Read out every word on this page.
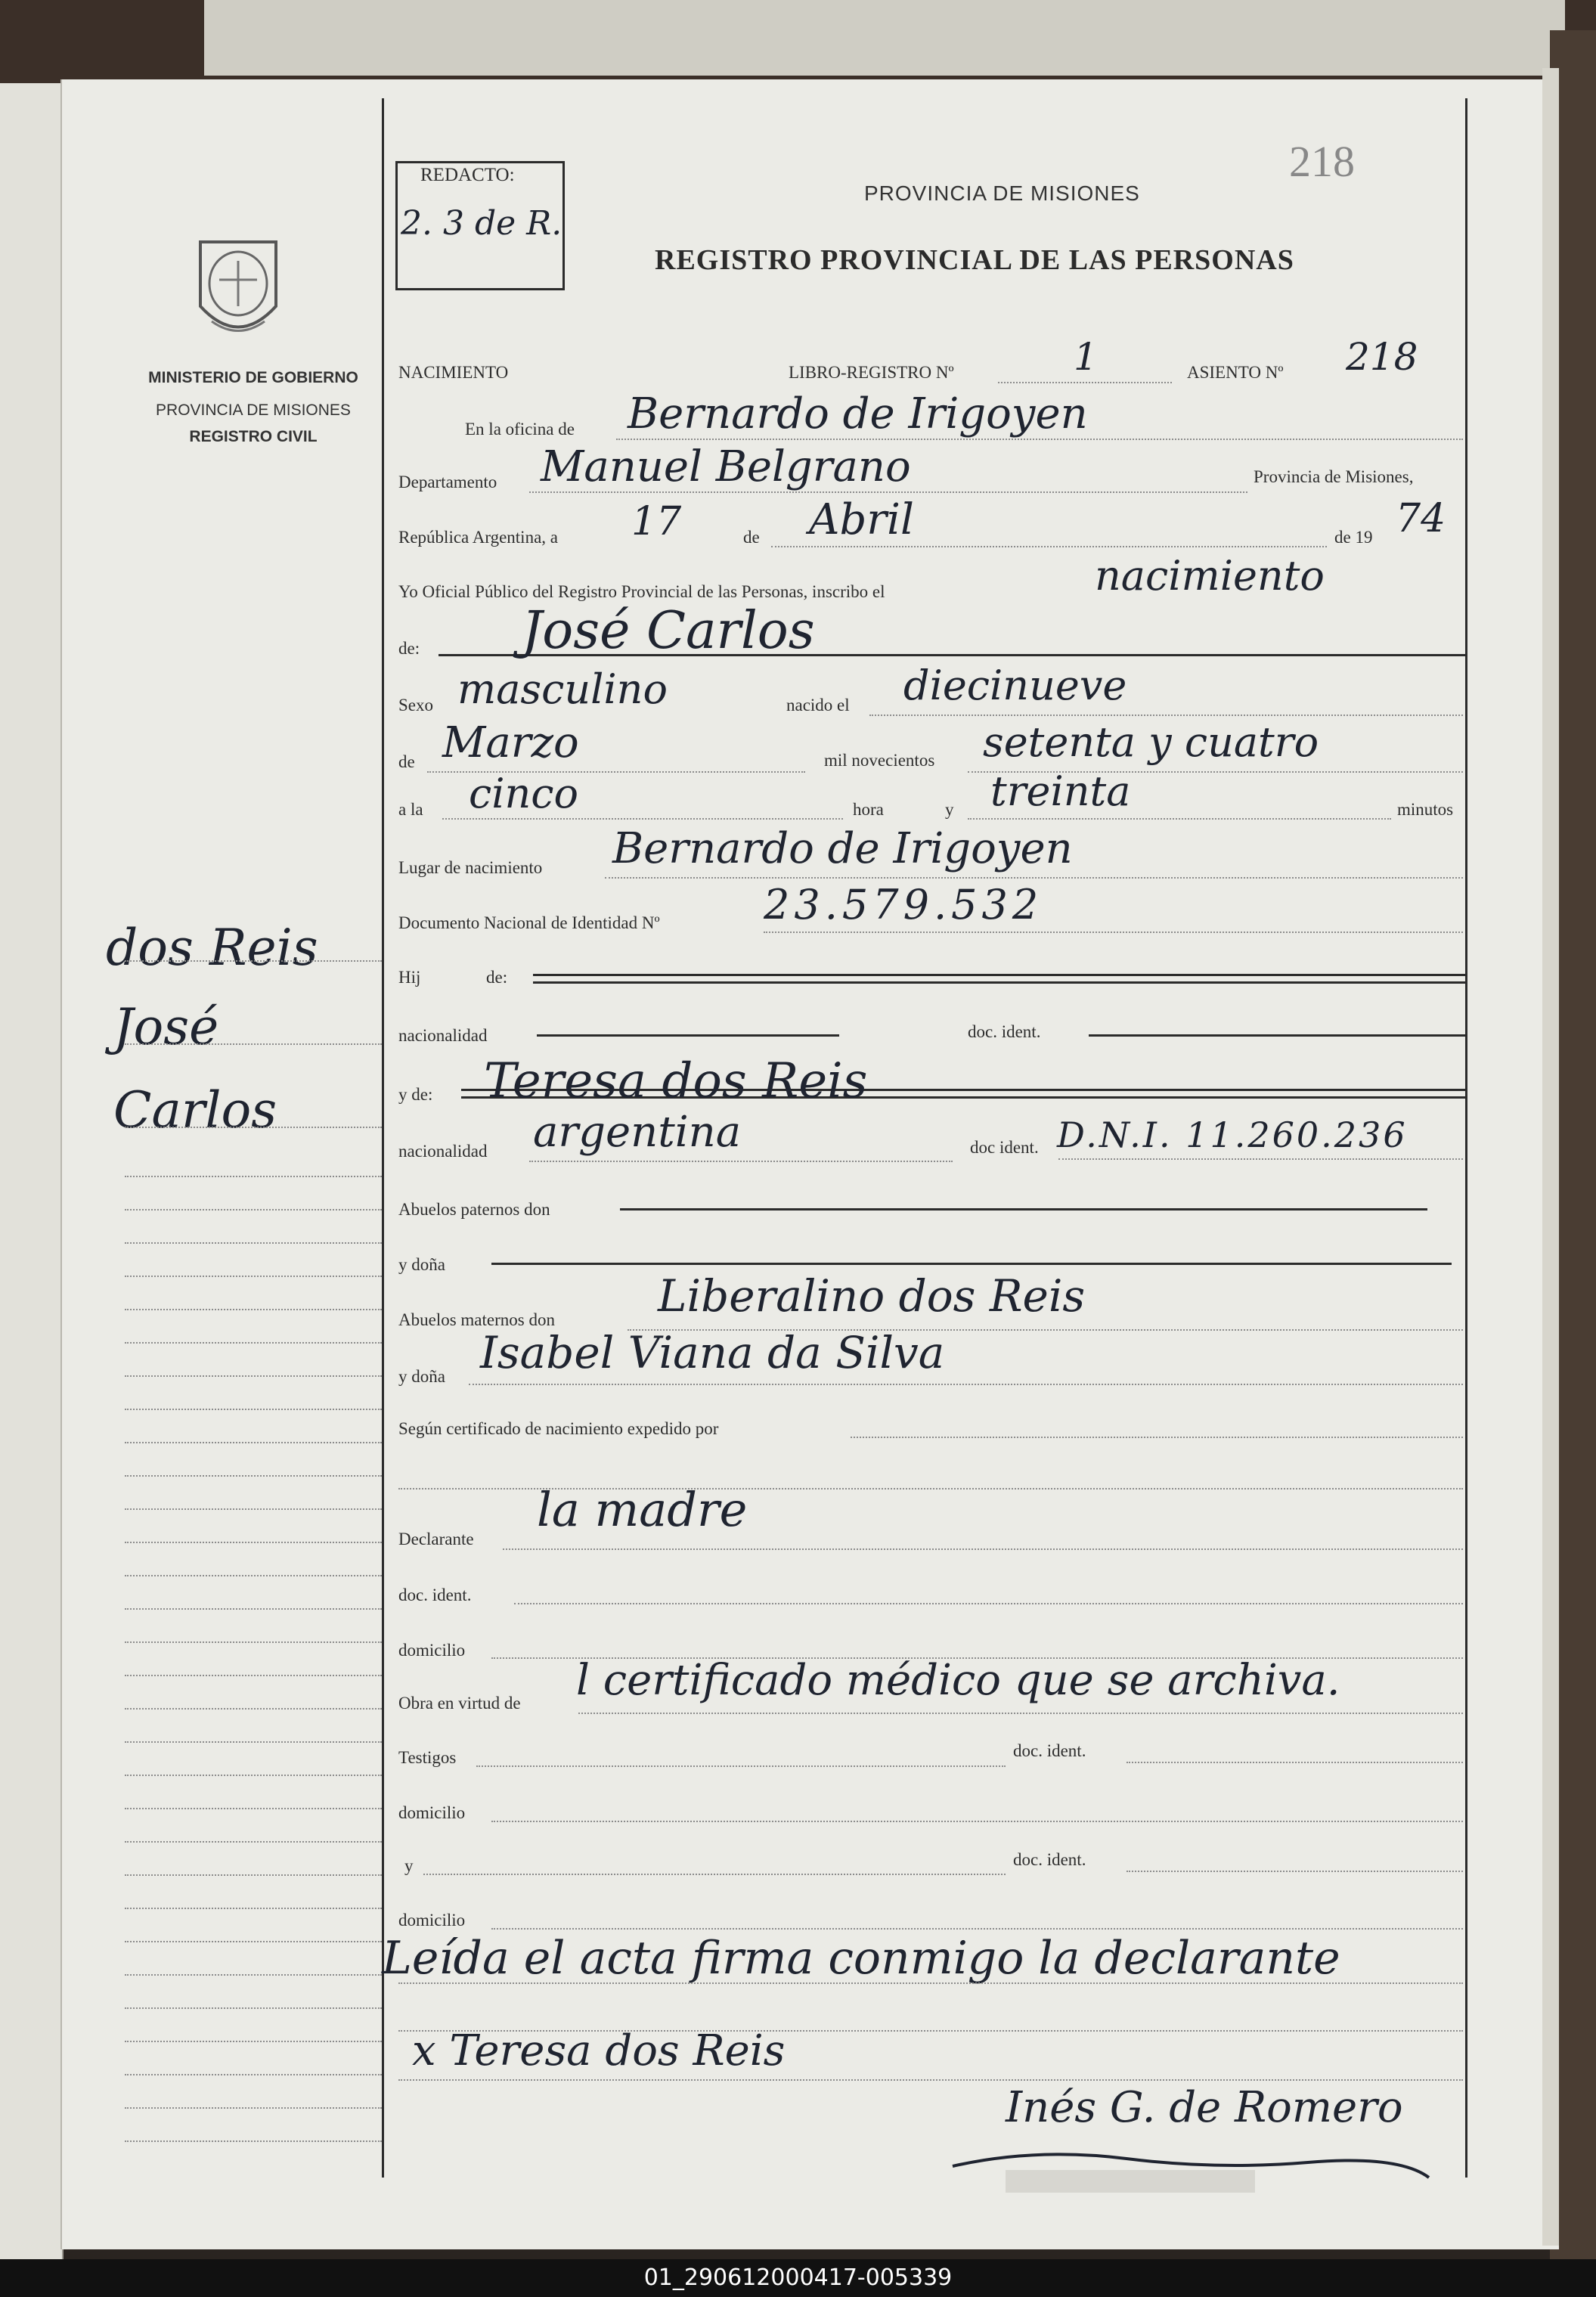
MINISTERIO DE GOBIERNO
PROVINCIA DE MISIONES
REGISTRO CIVIL
dos Reis
José
Carlos
REDACTO:
2. 3 de R.
218
PROVINCIA DE MISIONES
REGISTRO PROVINCIAL DE LAS PERSONAS
NACIMIENTO	LIBRO-REGISTRO Nº	1	ASIENTO Nº 218
En la oficina de Bernardo de Irigoyen
Departamento Manuel Belgrano	Provincia de Misiones,
República Argentina, a 17	de Abril	de 19 74
Yo Oficial Público del Registro Provincial de las Personas, inscribo el	nacimiento
de: José Carlos
Sexo masculino	nacido el diecinueve
de Marzo	mil novecientos setenta y cuatro
a la cinco	hora	y treinta	minutos
Lugar de nacimiento Bernardo de Irigoyen
Documento Nacional de Identidad Nº	23.579.532
Hij	de:
nacionalidad	doc. ident.
y de: Teresa dos Reis
nacionalidad argentina	doc ident. D.N.I. 11.260.236
Abuelos paternos don
y doña
Abuelos maternos don Liberalino dos Reis
y doña Isabel Viana da Silva
Según certificado de nacimiento expedido por
Declarante
la madre
doc. ident.
domicilio
Obra en virtud de l certificado médico que se archiva.
Testigos	doc. ident.
domicilio
y	doc. ident.
domicilio
Leída el acta firma conmigo la declarante
x Teresa dos Reis
Inés G. de Romero
01_290612000417-005339
